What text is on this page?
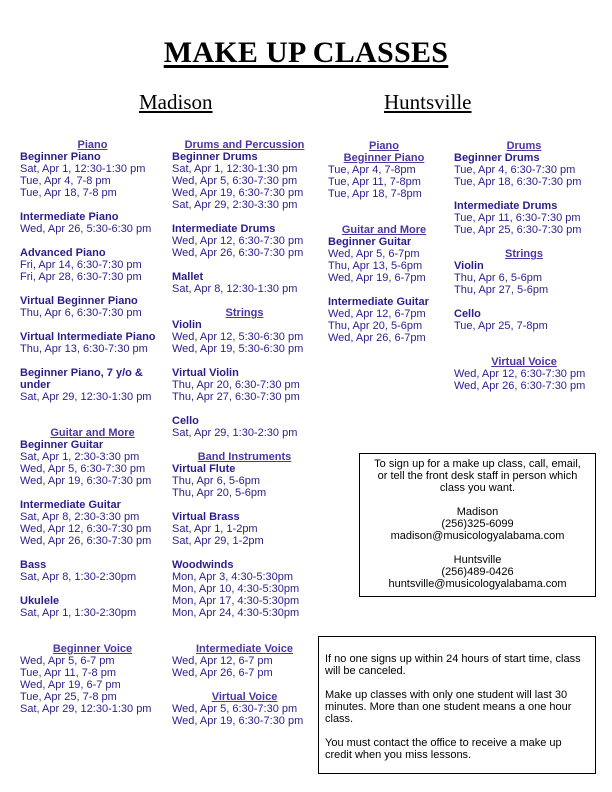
MAKE UP CLASSES
Madison	Huntsville
Piano
Beginner Piano
Sat, Apr 1, 12:30-1:30 pm
Tue, Apr 4, 7-8 pm
Tue, Apr 18, 7-8 pm
Intermediate Piano
Wed, Apr 26, 5:30-6:30 pm
Advanced Piano
Fri, Apr 14, 6:30-7:30 pm
Fri, Apr 28, 6:30-7:30 pm
Virtual Beginner Piano
Thu, Apr 6, 6:30-7:30 pm
Virtual Intermediate Piano
Thu, Apr 13, 6:30-7:30 pm
Beginner Piano, 7 y/o &
under
Sat, Apr 29, 12:30-1:30 pm
Guitar and More
Beginner Guitar
Sat, Apr 1, 2:30-3:30 pm
Wed, Apr 5, 6:30-7:30 pm
Wed, Apr 19, 6:30-7:30 pm
Intermediate Guitar
Sat, Apr 8, 2:30-3:30 pm
Wed, Apr 12, 6:30-7:30 pm
Wed, Apr 26, 6:30-7:30 pm
Bass
Sat, Apr 8, 1:30-2:30pm
Ukulele
Sat, Apr 1, 1:30-2:30pm
Beginner Voice
Wed, Apr 5, 6-7 pm
Tue, Apr 11, 7-8 pm
Wed, Apr 19, 6-7 pm
Tue, Apr 25, 7-8 pm
Sat, Apr 29, 12:30-1:30 pm
Drums and Percussion
Beginner Drums
Sat, Apr 1, 12:30-1:30 pm
Wed, Apr 5, 6:30-7:30 pm
Wed, Apr 19, 6:30-7:30 pm
Sat, Apr 29, 2:30-3:30 pm
Intermediate Drums
Wed, Apr 12, 6:30-7:30 pm
Wed, Apr 26, 6:30-7:30 pm
Mallet
Sat, Apr 8, 12:30-1:30 pm
Strings
Violin
Wed, Apr 12, 5:30-6:30 pm
Wed, Apr 19, 5:30-6:30 pm
Virtual Violin
Thu, Apr 20, 6:30-7:30 pm
Thu, Apr 27, 6:30-7:30 pm
Cello
Sat, Apr 29, 1:30-2:30 pm
Band Instruments
Virtual Flute
Thu, Apr 6, 5-6pm
Thu, Apr 20, 5-6pm
Virtual Brass
Sat, Apr 1, 1-2pm
Sat, Apr 29, 1-2pm
Woodwinds
Mon, Apr 3, 4:30-5:30pm
Mon, Apr 10, 4:30-5:30pm
Mon, Apr 17, 4:30-5:30pm
Mon, Apr 24, 4:30-5:30pm
Intermediate Voice
Wed, Apr 12, 6-7 pm
Wed, Apr 26, 6-7 pm
Virtual Voice
Wed, Apr 5, 6:30-7:30 pm
Wed, Apr 19, 6:30-7:30 pm
Piano
Beginner Piano
Tue, Apr 4, 7-8pm
Tue, Apr 11, 7-8pm
Tue, Apr 18, 7-8pm
Guitar and More
Beginner Guitar
Wed, Apr 5, 6-7pm
Thu, Apr 13, 5-6pm
Wed, Apr 19, 6-7pm
Intermediate Guitar
Wed, Apr 12, 6-7pm
Thu, Apr 20, 5-6pm
Wed, Apr 26, 6-7pm
Drums
Beginner Drums
Tue, Apr 4, 6:30-7:30 pm
Tue, Apr 18, 6:30-7:30 pm
Intermediate Drums
Tue, Apr 11, 6:30-7:30 pm
Tue, Apr 25, 6:30-7:30 pm
Strings
Violin
Thu, Apr 6, 5-6pm
Thu, Apr 27, 5-6pm
Cello
Tue, Apr 25, 7-8pm
Virtual Voice
Wed, Apr 12, 6:30-7:30 pm
Wed, Apr 26, 6:30-7:30 pm
To sign up for a make up class, call, email, or tell the front desk staff in person which class you want.
Madison
(256)325-6099
madison@musicologyalabama.com
Huntsville
(256)489-0426
huntsville@musicologyalabama.com

If no one signs up within 24 hours of start time, class will be canceled.

Make up classes with only one student will last 30 minutes. More than one student means a one hour class.

You must contact the office to receive a make up credit when you miss lessons.
